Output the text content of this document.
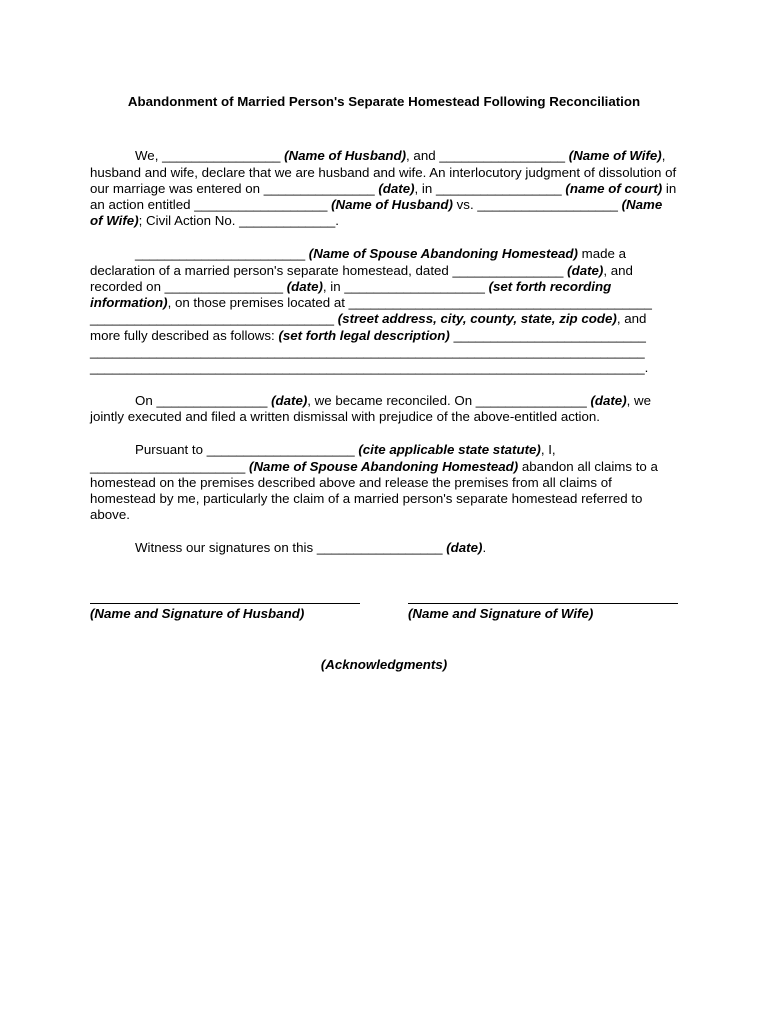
Abandonment of Married Person's Separate Homestead Following Reconciliation
We, ________________ (Name of Husband), and _________________ (Name of Wife), husband and wife, declare that we are husband and wife. An interlocutory judgment of dissolution of our marriage was entered on _______________ (date), in _________________ (name of court) in an action entitled __________________ (Name of Husband) vs. ___________________ (Name of Wife); Civil Action No. _____________.
_______________________ (Name of Spouse Abandoning Homestead) made a declaration of a married person's separate homestead, dated _______________ (date), and recorded on ________________ (date), in ___________________ (set forth recording information), on those premises located at _________________________________________ _________________________________ (street address, city, county, state, zip code), and more fully described as follows: (set forth legal description) __________________________ ___________________________________________________________________________ ___________________________________________________________________________.
On _______________ (date), we became reconciled. On _______________ (date), we jointly executed and filed a written dismissal with prejudice of the above-entitled action.
Pursuant to ____________________ (cite applicable state statute), I, _____________________ (Name of Spouse Abandoning Homestead) abandon all claims to a homestead on the premises described above and release the premises from all claims of homestead by me, particularly the claim of a married person's separate homestead referred to above.
Witness our signatures on this _________________ (date).
(Name and Signature of Husband)	(Name and Signature of Wife)
(Acknowledgments)
